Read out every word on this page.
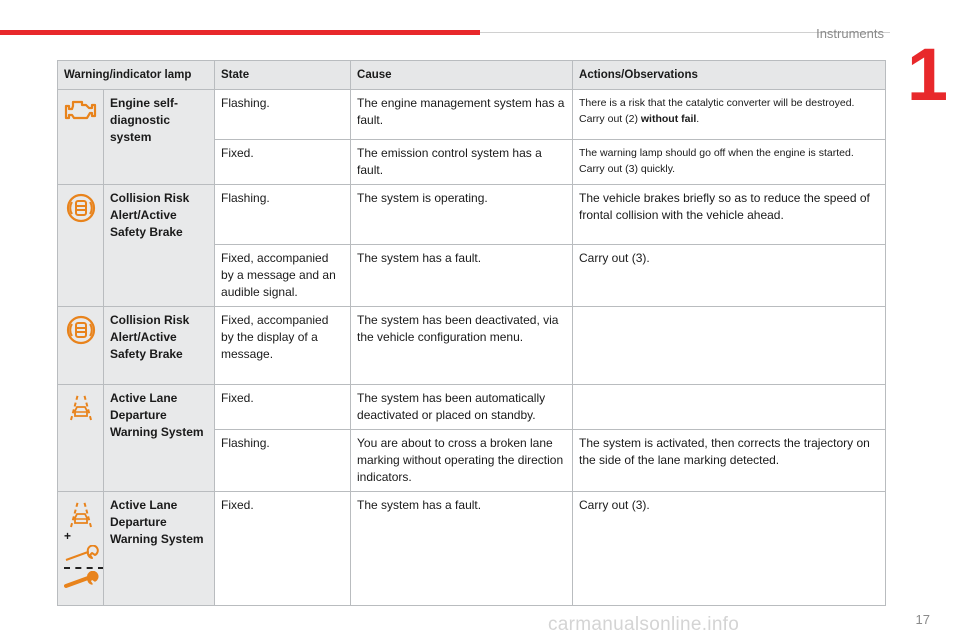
Instruments 1
Warning/indicator lamp		State	Cause	Actions/Observations

	Engine self-diagnostic system	Flashing.	The engine management system has a fault.	There is a risk that the catalytic converter will be destroyed. Carry out (2) without fail.
		Fixed.	The emission control system has a fault.	The warning lamp should go off when the engine is started. Carry out (3) quickly.

	Collision Risk Alert/Active Safety Brake	Flashing.	The system is operating.	The vehicle brakes briefly so as to reduce the speed of frontal collision with the vehicle ahead.
		Fixed, accompanied by a message and an audible signal.	The system has a fault.	Carry out (3).

	Collision Risk Alert/Active Safety Brake	Fixed, accompanied by the display of a message.	The system has been deactivated, via the vehicle configuration menu.	

	Active Lane Departure Warning System	Fixed.	The system has been automatically deactivated or placed on standby.	
		Flashing.	You are about to cross a broken lane marking without operating the direction indicators.	The system is activated, then corrects the trajectory on the side of the lane marking detected.

+	Active Lane Departure Warning System	Fixed.	The system has a fault.	Carry out (3).
carmanualsonline.info	17
